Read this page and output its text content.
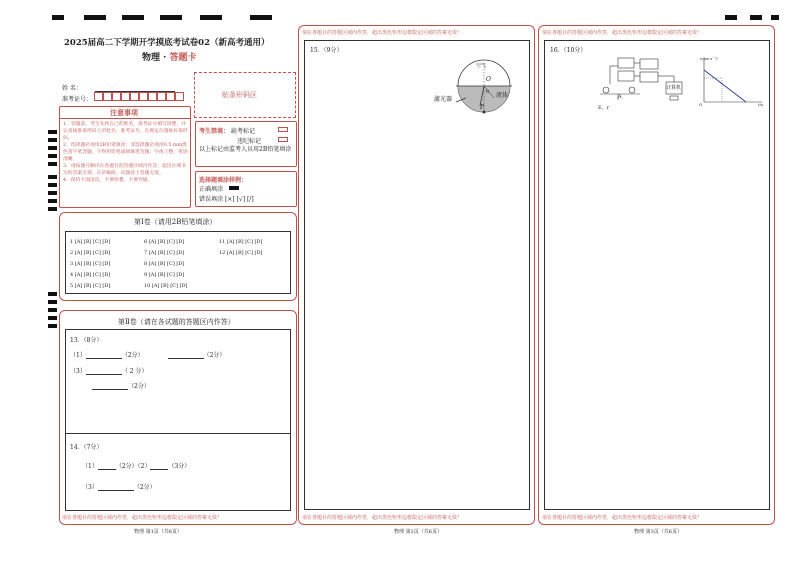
2025届高二下学期开学摸底考试卷02（新高考通用）
物理 · 答题卡
姓 名：
准考证号：
贴条形码区
注意事项
1．答题前，考生先将自己的姓名，准考证号填写清楚，并认真核准条形码上的姓名、准考证号，在规定位置贴好条形码。
2．选择题必须用2B铅笔填涂；非选择题必须用0.5 mm黑色签字笔答题，不得用铅笔或圆珠笔答题；字体工整、笔迹清晰。
3．请按题号顺序在各题目的答题区域内作答，超出区域书写的答案无效；在草稿纸、试题卷上答题无效。
4．保持卡面清洁，不要折叠、不要弄破。
考生禁填： 缺考标记
违纪标记
以上标记由监考人员用2B铅笔填涂
选择题填涂样例：
正确填涂
错误填涂 [×] [√] [/]
第Ⅰ卷（请用2B铅笔填涂）
1 [A] [B] [C] [D]
2 [A] [B] [C] [D]
3 [A] [B] [C] [D]
4 [A] [B] [C] [D]
5 [A] [B] [C] [D]
6 [A] [B] [C] [D]
7 [A] [B] [C] [D]
8 [A] [B] [C] [D]
9 [A] [B] [C] [D]
10 [A] [B] [C] [D]
11 [A] [B] [C] [D]
12 [A] [B] [C] [D]
第Ⅱ卷（请在各试题的答题区内作答）
13．（8分）
（1）	（2分）	（2分）
（3）	（ 2 分）
（2分）
14．（7分）
（1）	（2分）（2）	（3分）
（3）	（2分）
请在各题目的答题区域内作答，超出黑色矩形边框限定区域的答案无效！
物理 第1页（共6页）
请在各题目的答题区域内作答，超出黑色矩形边框限定区域的答案无效！
15．（9分）
空气
O
液体
激光器
θ
P
请在各题目的答题区域内作答，超出黑色矩形边框限定区域的答案无效！
物理 第2页（共6页）
请在各题目的答题区域内作答，超出黑色矩形边框限定区域的答案无效！
16．（10分）
计算机
A
E，r
v/(m·s⁻¹)
t/s
O
请在各题目的答题区域内作答，超出黑色矩形边框限定区域的答案无效！
物理 第3页（共6页）
